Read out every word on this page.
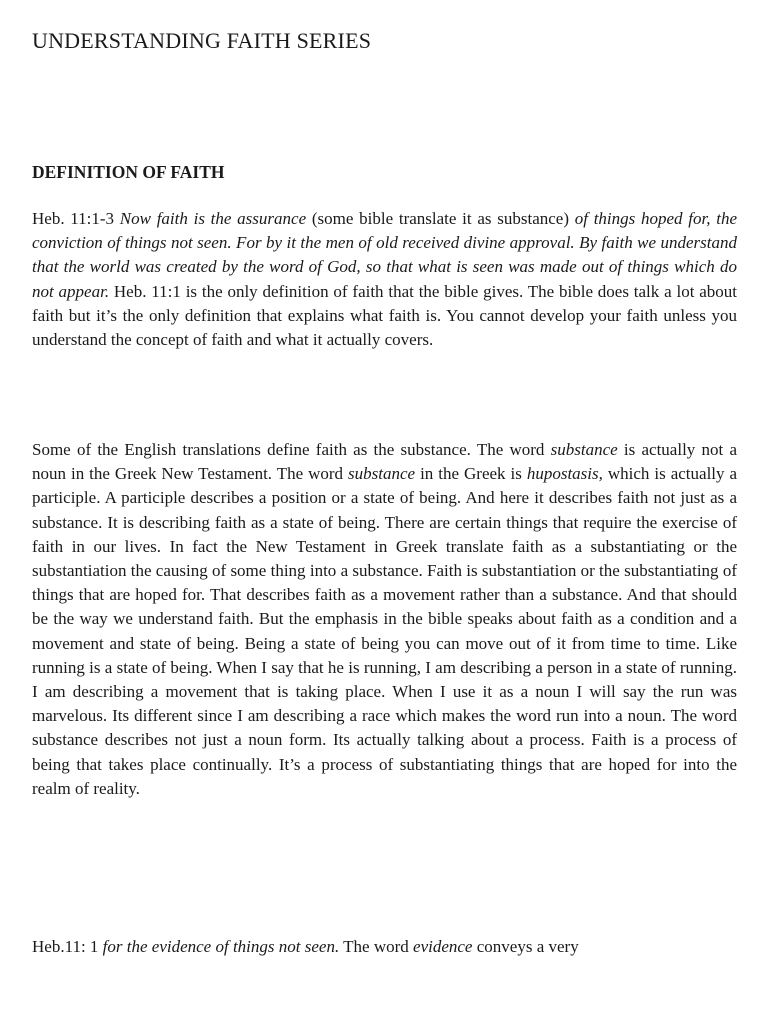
UNDERSTANDING FAITH SERIES
DEFINITION OF FAITH

Heb. 11:1-3 Now faith is the assurance (some bible translate it as substance) of things hoped for, the conviction of things not seen. For by it the men of old received divine approval. By faith we understand that the world was created by the word of God, so that what is seen was made out of things which do not appear. Heb. 11:1 is the only definition of faith that the bible gives. The bible does talk a lot about faith but it’s the only definition that explains what faith is. You cannot develop your faith unless you understand the concept of faith and what it actually covers.

Some of the English translations define faith as the substance. The word substance is actually not a noun in the Greek New Testament. The word substance in the Greek is hupostasis, which is actually a participle. A participle describes a position or a state of being. And here it describes faith not just as a substance. It is describing faith as a state of being. There are certain things that require the exercise of faith in our lives. In fact the New Testament in Greek translate faith as a substantiating or the substantiation the causing of some thing into a substance. Faith is substantiation or the substantiating of things that are hoped for. That describes faith as a movement rather than a substance. And that should be the way we understand faith. But the emphasis in the bible speaks about faith as a condition and a movement and state of being. Being a state of being you can move out of it from time to time. Like running is a state of being. When I say that he is running, I am describing a person in a state of running. I am describing a movement that is taking place. When I use it as a noun I will say the run was marvelous. Its different since I am describing a race which makes the word run into a noun. The word substance describes not just a noun form. Its actually talking about a process. Faith is a process of being that takes place continually. It’s a process of substantiating things that are hoped for into the realm of reality.

Heb.11: 1 for the evidence of things not seen. The word evidence conveys a very
